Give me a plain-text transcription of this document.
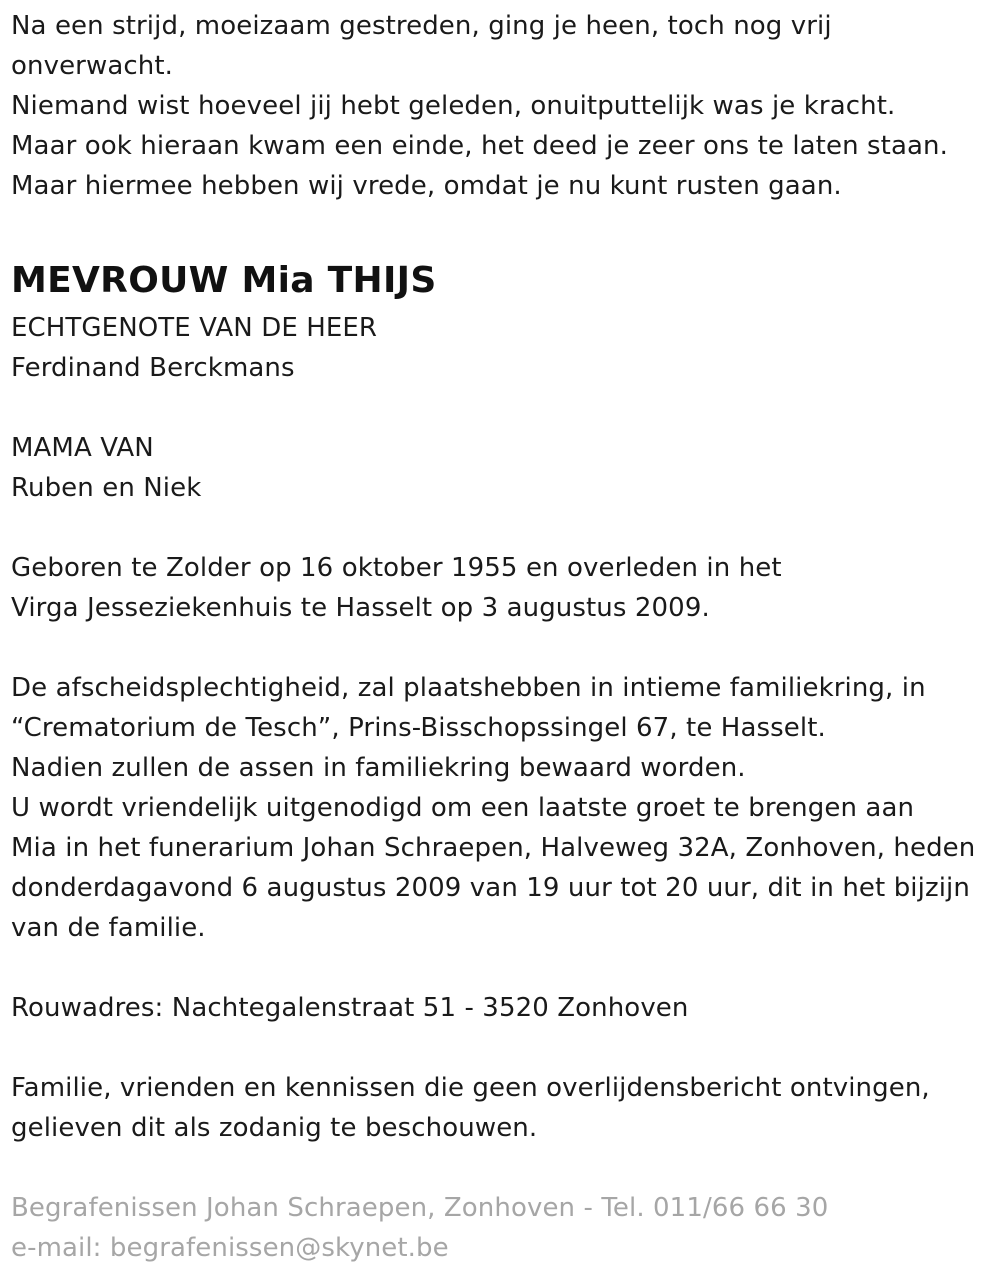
Na een strijd, moeizaam gestreden, ging je heen, toch nog vrij
onverwacht.
Niemand wist hoeveel jij hebt geleden, onuitputtelijk was je kracht.
Maar ook hieraan kwam een einde, het deed je zeer ons te laten staan.
Maar hiermee hebben wij vrede, omdat je nu kunt rusten gaan.
MEVROUW Mia THIJS
ECHTGENOTE VAN DE HEER
Ferdinand Berckmans
MAMA VAN
Ruben en Niek
Geboren te Zolder op 16 oktober 1955 en overleden in het
Virga Jesseziekenhuis te Hasselt op 3 augustus 2009.
De afscheidsplechtigheid, zal plaatshebben in intieme familiekring, in
“Crematorium de Tesch”, Prins-Bisschopssingel 67, te Hasselt.
Nadien zullen de assen in familiekring bewaard worden.
U wordt vriendelijk uitgenodigd om een laatste groet te brengen aan
Mia in het funerarium Johan Schraepen, Halveweg 32A, Zonhoven, heden
donderdagavond 6 augustus 2009 van 19 uur tot 20 uur, dit in het bijzijn
van de familie.
Rouwadres: Nachtegalenstraat 51 - 3520 Zonhoven
Familie, vrienden en kennissen die geen overlijdensbericht ontvingen,
gelieven dit als zodanig te beschouwen.
Begrafenissen Johan Schraepen, Zonhoven - Tel. 011/66 66 30
e-mail: begrafenissen@skynet.be
